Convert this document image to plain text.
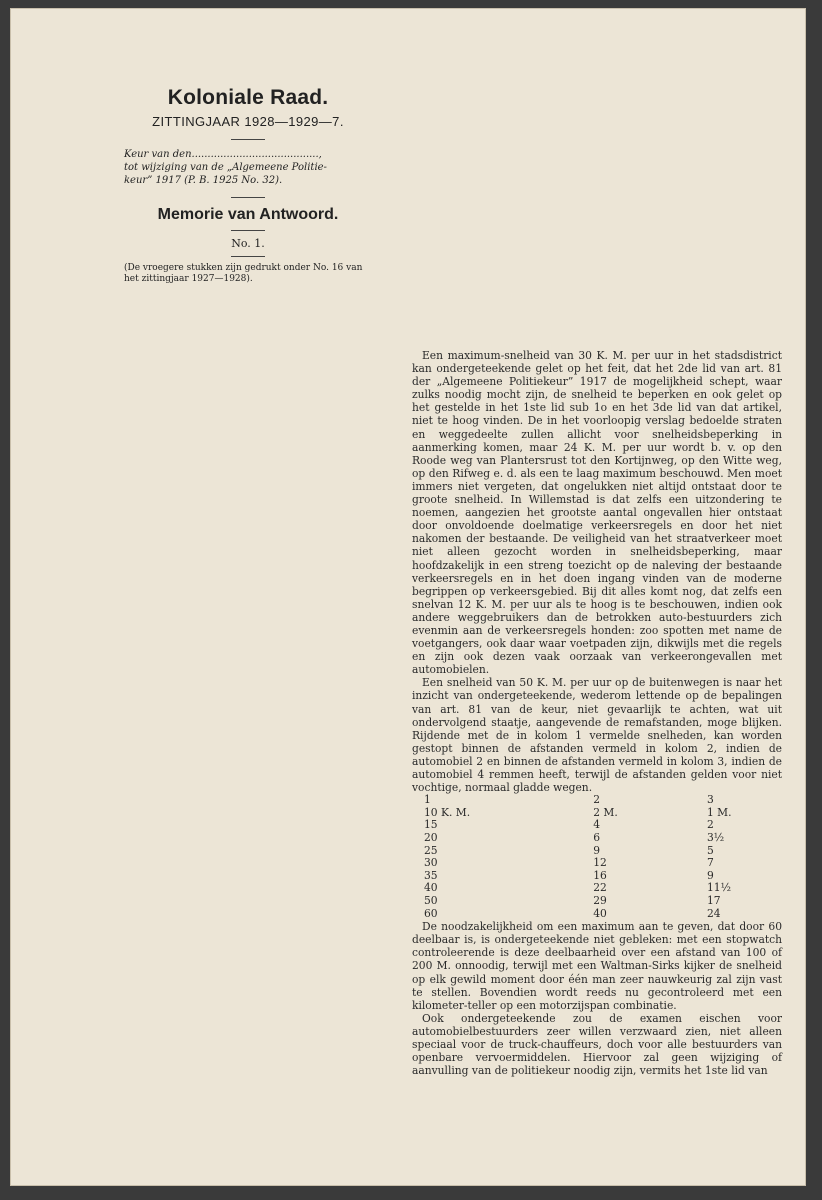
Koloniale Raad.
ZITTINGJAAR 1928—1929—7.
Keur van den........................................,
tot wijziging van de „Algemeene Politie-
keur” 1917 (P. B. 1925 No. 32).
Memorie van Antwoord.
No. 1.
(De vroegere stukken zijn gedrukt onder No. 16 van het zittingjaar 1927—1928).

Een maximum-snelheid van 30 K. M. per uur in het stadsdistrict kan ondergeteekende gelet op het feit, dat het 2de lid van art. 81 der „Algemeene Politiekeur” 1917 de mogelijkheid schept, waar zulks noodig mocht zijn, de snelheid te beperken en ook gelet op het gestelde in het 1ste lid sub 1o en het 3de lid van dat artikel, niet te hoog vinden. De in het voorloopig verslag bedoelde straten en weggedeelte zullen allicht voor snelheidsbeperking in aanmerking komen, maar 24 K. M. per uur wordt b. v. op den Roode weg van Plantersrust tot den Kortijnweg, op den Witte weg, op den Rifweg e. d. als een te laag maximum beschouwd. Men moet immers niet vergeten, dat ongelukken niet altijd ontstaat door te groote snelheid. In Willemstad is dat zelfs een uitzondering te noemen, aangezien het grootste aantal ongevallen hier ontstaat door onvoldoende doelmatige verkeersregels en door het niet nakomen der bestaande. De veiligheid van het straatverkeer moet niet alleen gezocht worden in snelheidsbeperking, maar hoofdzakelijk in een streng toezicht op de naleving der bestaande verkeersregels en in het doen ingang vinden van de moderne begrippen op verkeersgebied. Bij dit alles komt nog, dat zelfs een snelvan 12 K. M. per uur als te hoog is te beschouwen, indien ook andere weggebruikers dan de betrokken auto-bestuurders zich evenmin aan de verkeersregels honden: zoo spotten met name de voetgangers, ook daar waar voetpaden zijn, dikwijls met die regels en zijn ook dezen vaak oorzaak van verkeerongevallen met automobielen.

Een snelheid van 50 K. M. per uur op de buitenwegen is naar het inzicht van ondergeteekende, wederom lettende op de bepalingen van art. 81 van de keur, niet gevaarlijk te achten, wat uit ondervolgend staatje, aangevende de remafstanden, moge blijken. Rijdende met de in kolom 1 vermelde snelheden, kan worden gestopt binnen de afstanden vermeld in kolom 2, indien de automobiel 2 en binnen de afstanden vermeld in kolom 3, indien de automobiel 4 remmen heeft, terwijl de afstanden gelden voor niet vochtige, normaal gladde wegen.

1	2	3
10 K. M.	2 M.	1 M.
15	4	2
20	6	3½
25	9	5
30	12	7
35	16	9
40	22	11½
50	29	17
60	40	24

De noodzakelijkheid om een maximum aan te geven, dat door 60 deelbaar is, is ondergeteekende niet gebleken: met een stopwatch controleerende is deze deelbaarheid over een afstand van 100 of 200 M. onnoodig, terwijl met een Waltman-Sirks kijker de snelheid op elk gewild moment door één man zeer nauwkeurig zal zijn vast te stellen. Bovendien wordt reeds nu gecontroleerd met een kilometer-teller op een motorzijspan combinatie.

Ook ondergeteekende zou de examen eischen voor automobielbestuurders zeer willen verzwaard zien, niet alleen speciaal voor de truck-chauffeurs, doch voor alle bestuurders van openbare vervoermiddelen. Hiervoor zal geen wijziging of aanvulling van de politiekeur noodig zijn, vermits het 1ste lid van
